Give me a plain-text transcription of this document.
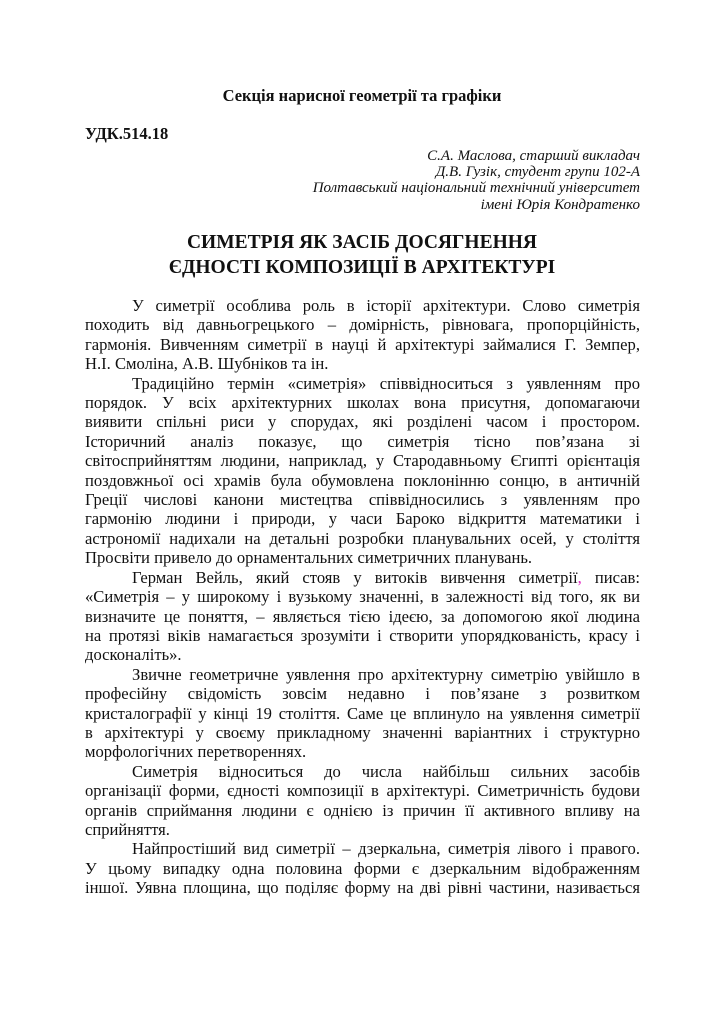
Секція нарисної геометрії та графіки
УДК.514.18
С.А. Маслова, старший викладач
Д.В. Гузік, студент групи 102-А
Полтавський національний технічний університет
імені Юрія Кондратенко
СИМЕТРІЯ ЯК ЗАСІБ ДОСЯГНЕННЯ
ЄДНОСТІ КОМПОЗИЦІЇ В АРХІТЕКТУРІ
У симетрії особлива роль в історії архітектури. Слово симетрія
походить від давньогрецького – домірність, рівновага, пропорційність,
гармонія. Вивченням симетрії в науці й архітектурі займалися Г. Земпер,
Н.І. Смоліна, А.В. Шубніков та ін.
Традиційно термін «симетрія» співвідноситься з уявленням про
порядок. У всіх архітектурних школах вона присутня, допомагаючи
виявити спільні риси у спорудах, які розділені часом і простором.
Історичний аналіз показує, що симетрія тісно пов’язана зі
світосприйняттям людини, наприклад, у Стародавньому Єгипті орієнтація
поздовжньої осі храмів була обумовлена поклонінню сонцю, в античній
Греції числові канони мистецтва співвідносились з уявленням про
гармонію людини і природи, у часи Бароко відкриття математики і
астрономії надихали на детальні розробки планувальних осей, у століття
Просвіти привело до орнаментальних симетричних планувань.
Герман Вейль, який стояв у витоків вивчення симетрії, писав:
«Симетрія – у широкому і вузькому значенні, в залежності від того, як ви
визначите це поняття, – являється тією ідеєю, за допомогою якої людина
на протязі віків намагається зрозуміти і створити упорядкованість, красу і
досконаліть».
Звичне геометричне уявлення про архітектурну симетрію увійшло в
професійну свідомість зовсім недавно і пов’язане з розвитком
кристалографії у кінці 19 століття. Саме це вплинуло на уявлення симетрії
в архітектурі у своєму прикладному значенні варіантних і структурно
морфологічних перетвореннях.
Симетрія відноситься до числа найбільш сильних засобів
організації форми, єдності композиції в архітектурі. Симетричність будови
органів сприймання людини є однією із причин її активного впливу на
сприйняття.
Найпростіший вид симетрії – дзеркальна, симетрія лівого і правого.
У цьому випадку одна половина форми є дзеркальним відображенням
іншої. Уявна площина, що поділяє форму на дві рівні частини, називається
